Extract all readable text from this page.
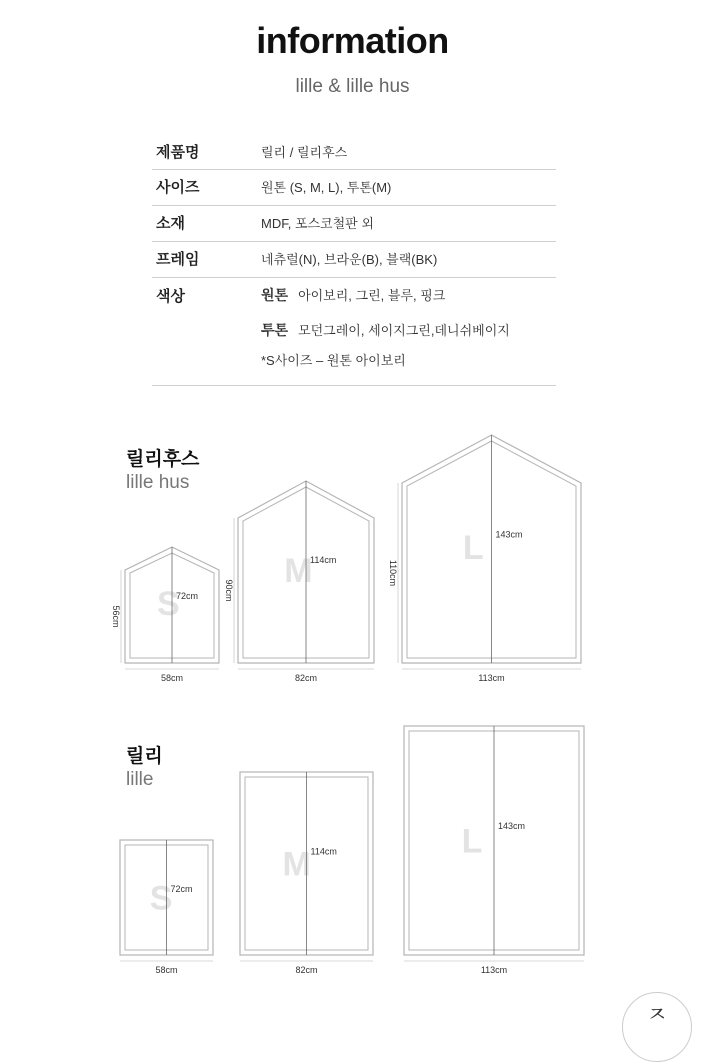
information

lille & lille hus

제품명	릴리 / 릴리후스
사이즈	원톤 (S, M, L), 투톤(M)
소재	MDF, 포스코철판 외
프레임	네츄럴(N), 브라운(B), 블랙(BK)
색상	원톤 아이보리, 그린, 블루, 핑크
투톤 모던그레이, 세이지그린,데니쉬베이지
*S사이즈 – 원톤 아이보리
릴리후스
lille hus
릴리
lille
S
72cm
56cm
58cm
M
114cm
90cm
82cm
L 143cm
110cm
113cm
S
72cm
58cm
M 114cm
82cm
L 143cm
113cm
ㅈ
